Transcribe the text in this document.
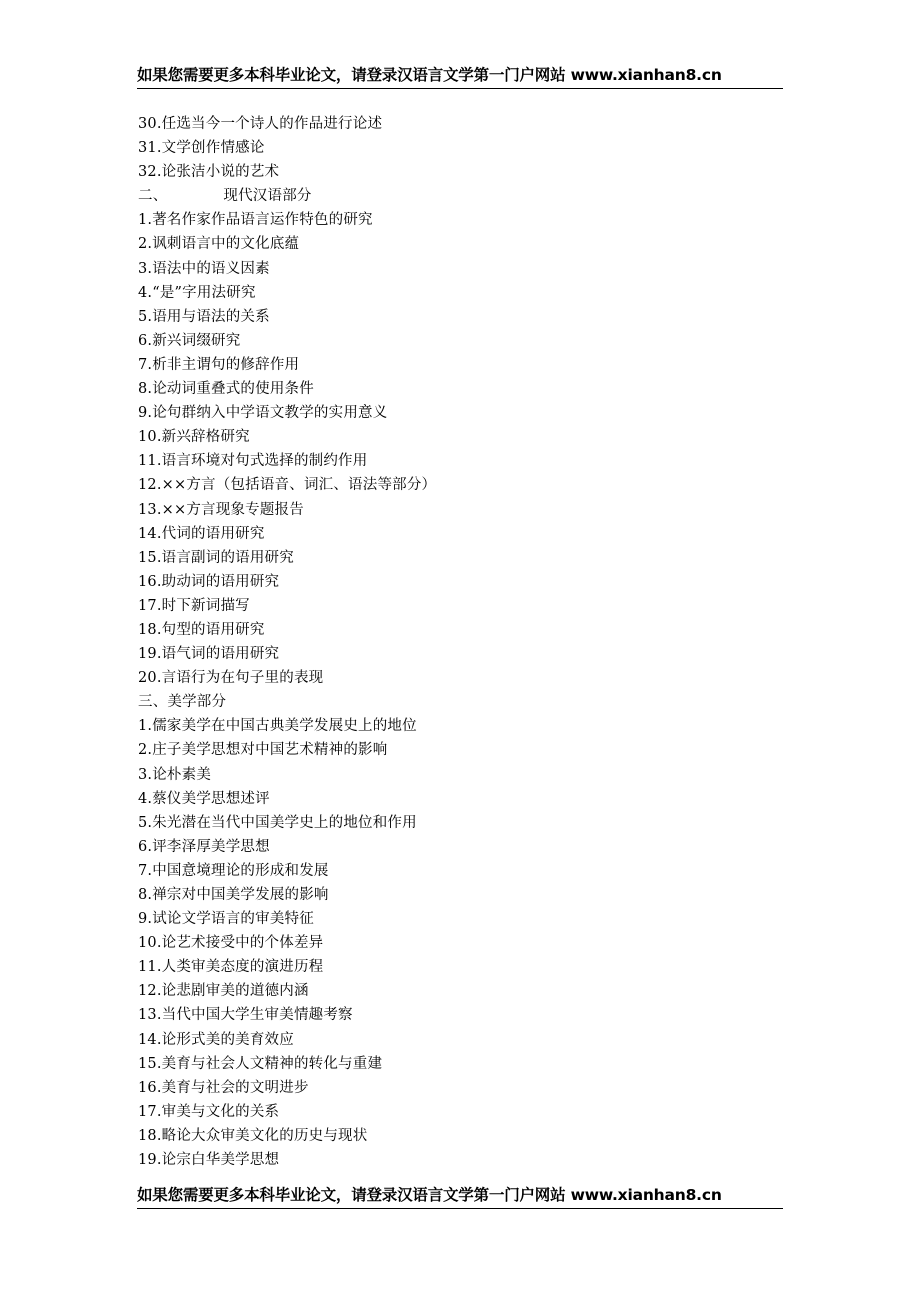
如果您需要更多本科毕业论文，请登录汉语言文学第一门户网站 www.xianhan8.cn
30.任选当今一个诗人的作品进行论述
31.文学创作情感论
32.论张洁小说的艺术
二、	现代汉语部分
1.著名作家作品语言运作特色的研究
2.讽刺语言中的文化底蕴
3.语法中的语义因素
4.“是”字用法研究
5.语用与语法的关系
6.新兴词缀研究
7.析非主谓句的修辞作用
8.论动词重叠式的使用条件
9.论句群纳入中学语文教学的实用意义
10.新兴辞格研究
11.语言环境对句式选择的制约作用
12.××方言（包括语音、词汇、语法等部分）
13.××方言现象专题报告
14.代词的语用研究
15.语言副词的语用研究
16.助动词的语用研究
17.时下新词描写
18.句型的语用研究
19.语气词的语用研究
20.言语行为在句子里的表现
三、美学部分
1.儒家美学在中国古典美学发展史上的地位
2.庄子美学思想对中国艺术精神的影响
3.论朴素美
4.蔡仪美学思想述评
5.朱光潜在当代中国美学史上的地位和作用
6.评李泽厚美学思想
7.中国意境理论的形成和发展
8.禅宗对中国美学发展的影响
9.试论文学语言的审美特征
10.论艺术接受中的个体差异
11.人类审美态度的演进历程
12.论悲剧审美的道德内涵
13.当代中国大学生审美情趣考察
14.论形式美的美育效应
15.美育与社会人文精神的转化与重建
16.美育与社会的文明进步
17.审美与文化的关系
18.略论大众审美文化的历史与现状
19.论宗白华美学思想
如果您需要更多本科毕业论文，请登录汉语言文学第一门户网站 www.xianhan8.cn
